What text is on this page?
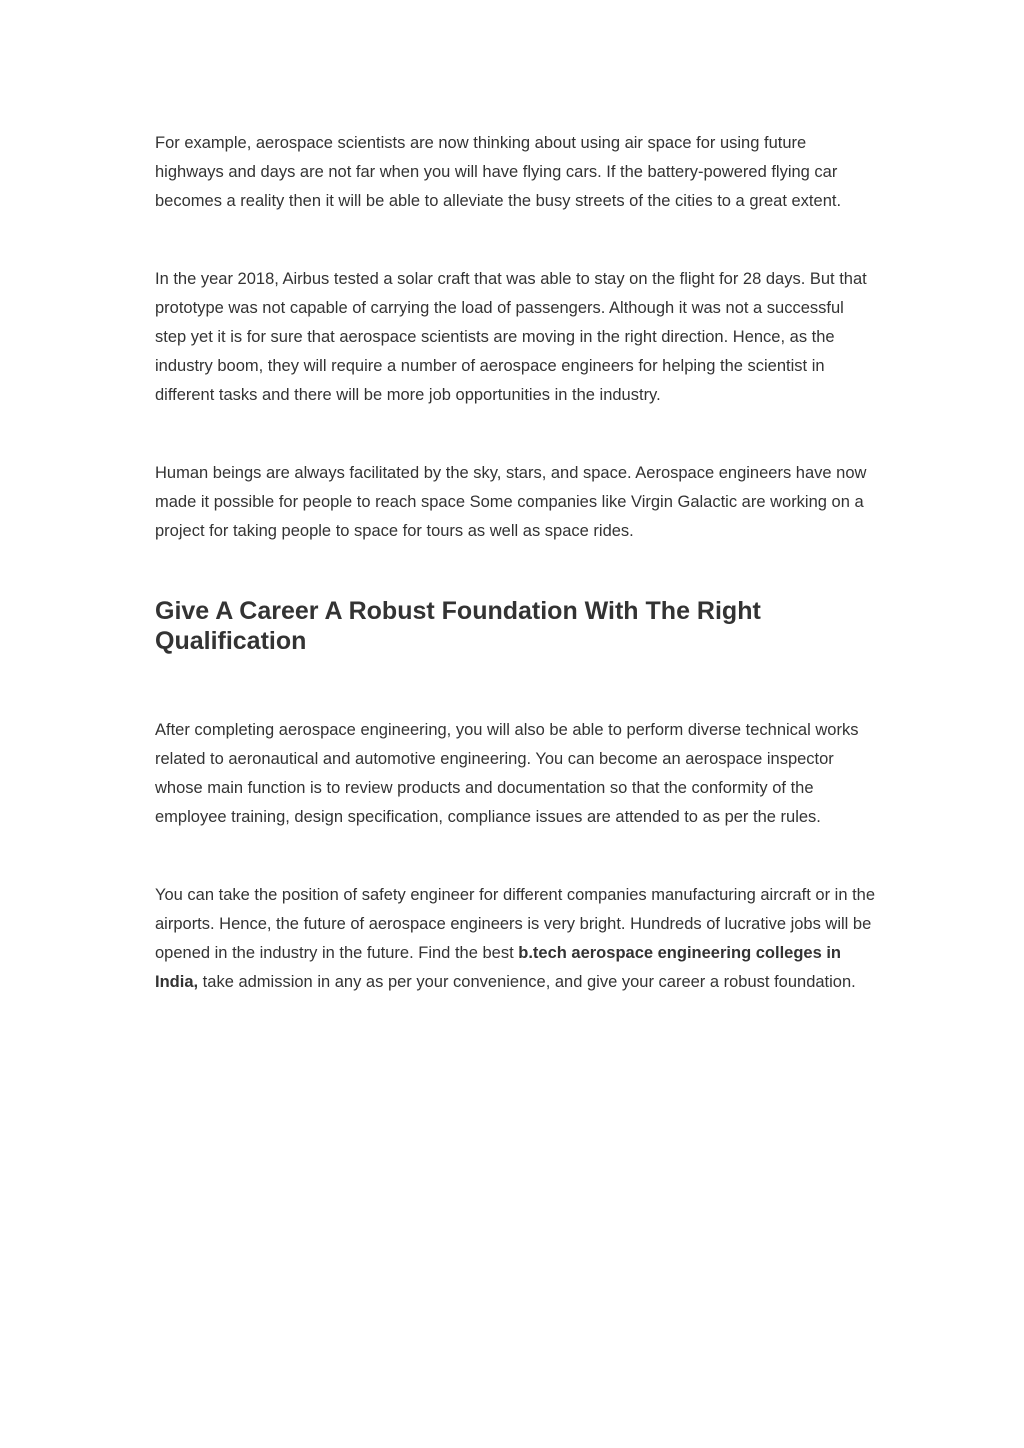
For example, aerospace scientists are now thinking about using air space for using future highways and days are not far when you will have flying cars. If the battery-powered flying car becomes a reality then it will be able to alleviate the busy streets of the cities to a great extent.

In the year 2018, Airbus tested a solar craft that was able to stay on the flight for 28 days. But that prototype was not capable of carrying the load of passengers. Although it was not a successful step yet it is for sure that aerospace scientists are moving in the right direction. Hence, as the industry boom, they will require a number of aerospace engineers for helping the scientist in different tasks and there will be more job opportunities in the industry.

Human beings are always facilitated by the sky, stars, and space. Aerospace engineers have now made it possible for people to reach space Some companies like Virgin Galactic are working on a project for taking people to space for tours as well as space rides.

Give A Career A Robust Foundation With The Right Qualification

After completing aerospace engineering, you will also be able to perform diverse technical works related to aeronautical and automotive engineering. You can become an aerospace inspector whose main function is to review products and documentation so that the conformity of the employee training, design specification, compliance issues are attended to as per the rules.

You can take the position of safety engineer for different companies manufacturing aircraft or in the airports. Hence, the future of aerospace engineers is very bright. Hundreds of lucrative jobs will be opened in the industry in the future. Find the best b.tech aerospace engineering colleges in India, take admission in any as per your convenience, and give your career a robust foundation.
